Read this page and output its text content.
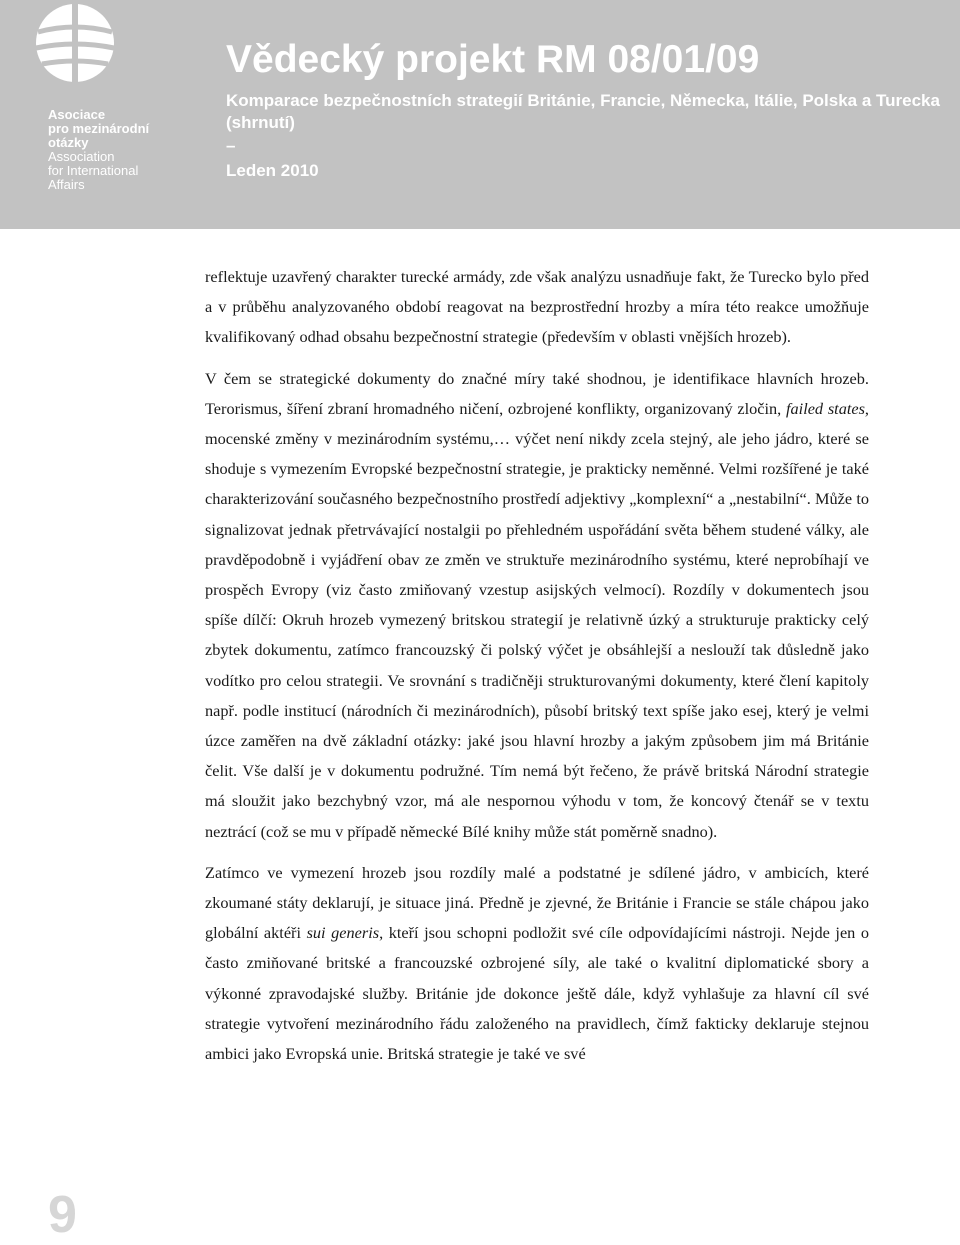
Asociace
pro mezinárodní
otázky
Association
for International
Affairs
Vědecký projekt RM 08/01/09
Komparace bezpečnostních strategií Británie, Francie, Německa, Itálie, Polska a Turecka (shrnutí)
–
Leden 2010

reflektuje uzavřený charakter turecké armády, zde však analýzu usnadňuje fakt, že Turecko bylo před a v průběhu analyzovaného období reagovat na bezprostřední hrozby a míra této reakce umožňuje kvalifikovaný odhad obsahu bezpečnostní strategie (především v oblasti vnějších hrozeb).

V čem se strategické dokumenty do značné míry také shodnou, je identifikace hlavních hrozeb. Terorismus, šíření zbraní hromadného ničení, ozbrojené konflikty, organizovaný zločin, failed states, mocenské změny v mezinárodním systému,… výčet není nikdy zcela stejný, ale jeho jádro, které se shoduje s vymezením Evropské bezpečnostní strategie, je prakticky neměnné. Velmi rozšířené je také charakterizování současného bezpečnostního prostředí adjektivy „komplexní“ a „nestabilní“. Může to signalizovat jednak přetrvávající nostalgii po přehledném uspořádání světa během studené války, ale pravděpodobně i vyjádření obav ze změn ve struktuře mezinárodního systému, které neprobíhají ve prospěch Evropy (viz často zmiňovaný vzestup asijských velmocí). Rozdíly v dokumentech jsou spíše dílčí: Okruh hrozeb vymezený britskou strategií je relativně úzký a strukturuje prakticky celý zbytek dokumentu, zatímco francouzský či polský výčet je obsáhlejší a neslouží tak důsledně jako vodítko pro celou strategii. Ve srovnání s tradičněji strukturovanými dokumenty, které člení kapitoly např. podle institucí (národních či mezinárodních), působí britský text spíše jako esej, který je velmi úzce zaměřen na dvě základní otázky: jaké jsou hlavní hrozby a jakým způsobem jim má Británie čelit. Vše další je v dokumentu podružné. Tím nemá být řečeno, že právě britská Národní strategie má sloužit jako bezchybný vzor, má ale nespornou výhodu v tom, že koncový čtenář se v textu neztrácí (což se mu v případě německé Bílé knihy může stát poměrně snadno).

Zatímco ve vymezení hrozeb jsou rozdíly malé a podstatné je sdílené jádro, v ambicích, které zkoumané státy deklarují, je situace jiná. Předně je zjevné, že Británie i Francie se stále chápou jako globální aktéři sui generis, kteří jsou schopni podložit své cíle odpovídajícími nástroji. Nejde jen o často zmiňované britské a francouzské ozbrojené síly, ale také o kvalitní diplomatické sbory a výkonné zpravodajské služby. Británie jde dokonce ještě dále, když vyhlašuje za hlavní cíl své strategie vytvoření mezinárodního řádu založeného na pravidlech, čímž fakticky deklaruje stejnou ambici jako Evropská unie. Britská strategie je také ve své

9
